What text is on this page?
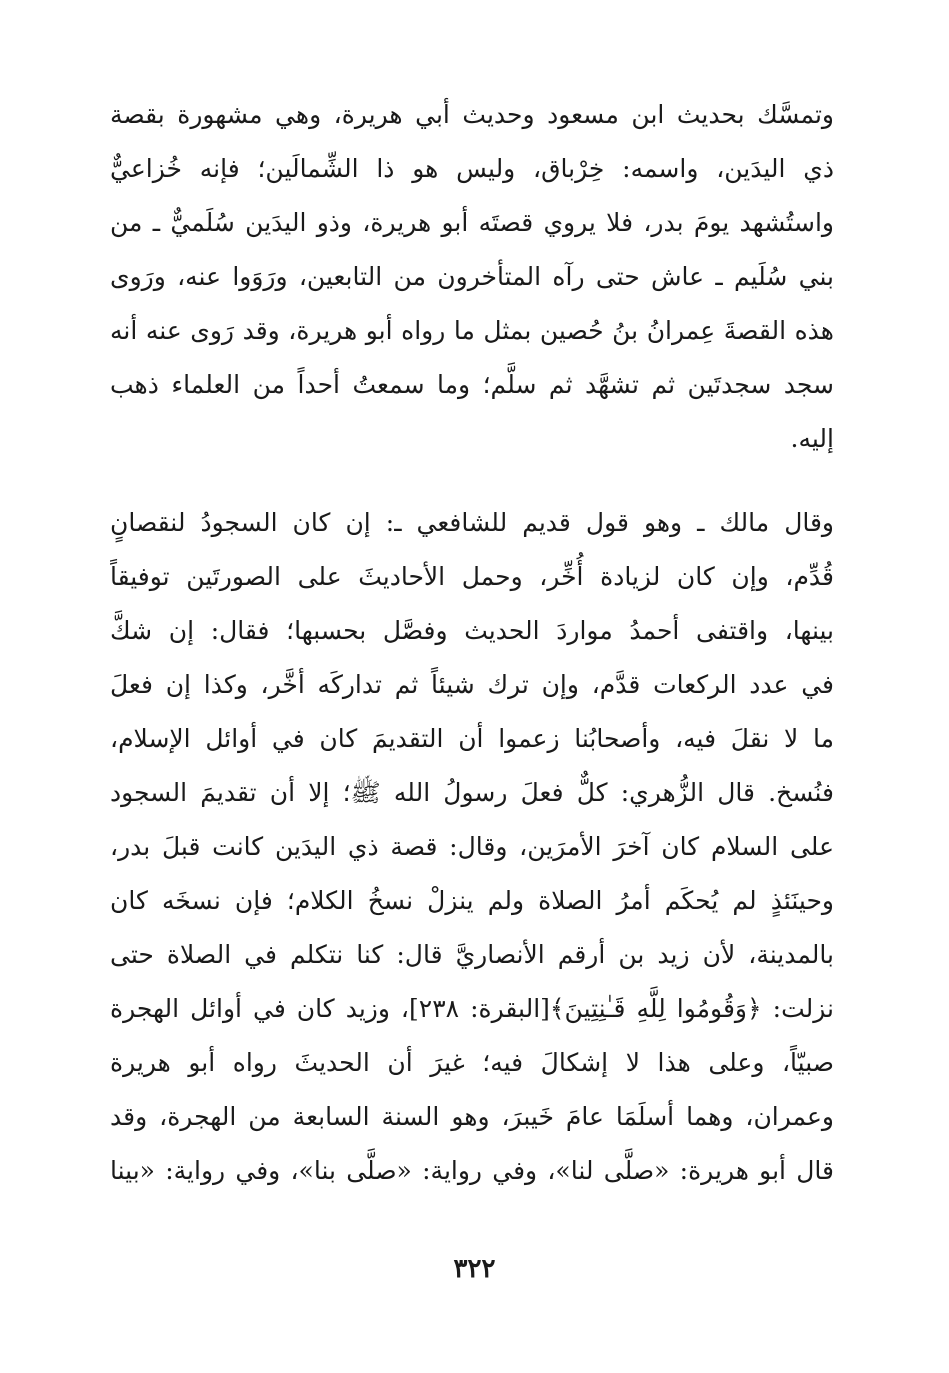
وتمسَّك بحديث ابن مسعود وحديث أبي هريرة، وهي مشهورة بقصة
ذي اليدَين، واسمه: خِرْباق، وليس هو ذا الشِّمالَين؛ فإنه خُزاعيٌّ
واستُشهد يومَ بدر، فلا يروي قصتَه أبو هريرة، وذو اليدَين سُلَميٌّ ـ من
بني سُلَيم ـ عاش حتى رآه المتأخرون من التابعين، ورَوَوا عنه، ورَوى
هذه القصةَ عِمرانُ بنُ حُصين بمثل ما رواه أبو هريرة، وقد رَوى عنه أنه
سجد سجدتَين ثم تشهَّد ثم سلَّم؛ وما سمعتُ أحداً من العلماء ذهب
إليه.
وقال مالك ـ وهو قول قديم للشافعي ـ: إن كان السجودُ لنقصانٍ
قُدِّم، وإن كان لزيادة أُخِّر، وحمل الأحاديثَ على الصورتَين توفيقاً
بينها، واقتفى أحمدُ مواردَ الحديث وفصَّل بحسبها؛ فقال: إن شكَّ
في عدد الركعات قدَّم، وإن ترك شيئاً ثم تداركَه أخَّر، وكذا إن فعلَ
ما لا نقلَ فيه، وأصحابُنا زعموا أن التقديمَ كان في أوائل الإسلام،
فنُسخ. قال الزُّهري: كلٌّ فعلَ رسولُ الله ﷺ؛ إلا أن تقديمَ السجود
على السلام كان آخرَ الأمرَين، وقال: قصة ذي اليدَين كانت قبلَ بدر،
وحينَئذٍ لم يُحكَم أمرُ الصلاة ولم ينزلْ نسخُ الكلام؛ فإن نسخَه كان
بالمدينة، لأن زيد بن أرقم الأنصاريَّ قال: كنا نتكلم في الصلاة حتى
نزلت: ﴿وَقُومُوا لِلَّهِ قَـٰنِتِينَ﴾[البقرة: ٢٣٨]، وزيد كان في أوائل الهجرة
صبيّاً، وعلى هذا لا إشكالَ فيه؛ غيرَ أن الحديثَ رواه أبو هريرة
وعمران، وهما أسلَمَا عامَ خَيبرَ، وهو السنة السابعة من الهجرة، وقد
قال أبو هريرة: «صلَّى لنا»، وفي رواية: «صلَّى بنا»، وفي رواية: «بينا
٣٢٢
